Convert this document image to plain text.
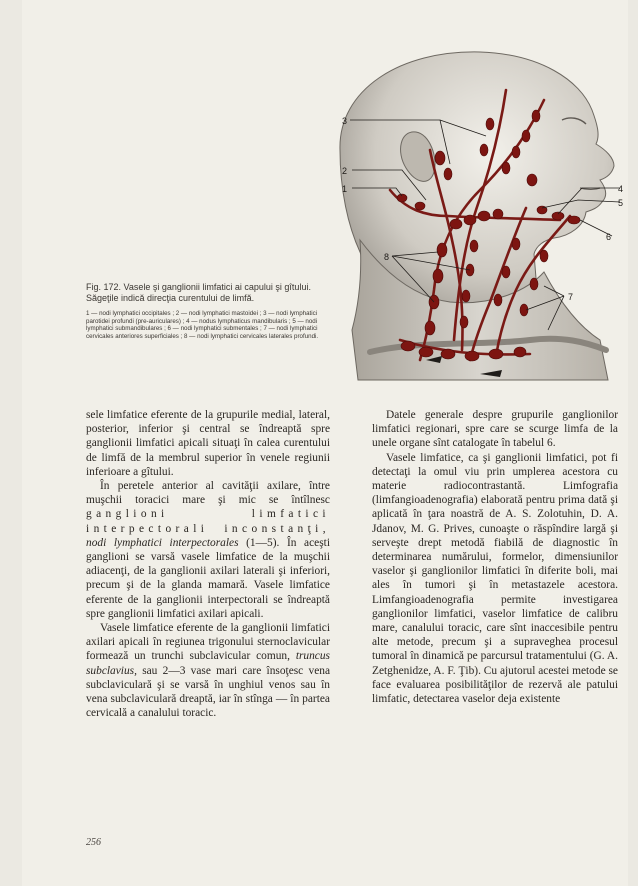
3
2
1	4
5
6
8
7

Fig. 172. Vasele şi ganglionii limfatici ai capului şi gîtului. Săgeţile indică direcţia curentului de limfă.

1 — nodi lymphatici occipitales ; 2 — nodi lymphatici mastoidei ; 3 — nodi lymphatici parotidei profundi (pre-auriculares) ; 4 — nodus lymphaticus mandibularis ; 5 — nodi lymphatici submandibulares ; 6 — nodi lymphatici submentales ; 7 — nodi lymphatici cervicales anteriores superficiales ; 8 — nodi lymphatici cervicales laterales profundi.

sele limfatice eferente de la grupurile medial, lateral, posterior, inferior şi central se îndreaptă spre ganglionii limfatici apicali situaţi în calea curentului de limfă de la membrul superior în venele regiunii inferioare a gîtului.

În peretele anterior al cavităţii axilare, între muşchii toracici mare şi mic se întîlnesc ganglioni limfatici interpectorali inconstanţi, nodi lymphatici interpectorales (1—5). În aceşti ganglioni se varsă vasele limfatice de la muşchii adiacenţi, de la ganglionii axilari laterali şi inferiori, precum şi de la glanda mamară. Vasele limfatice eferente de la ganglionii interpectorali se îndreaptă spre ganglionii limfatici axilari apicali.

Vasele limfatice eferente de la ganglionii limfatici axilari apicali în regiunea trigonului sternoclavicular formează un trunchi subclavicular comun, truncus subclavius, sau 2—3 vase mari care însoţesc vena subclaviculară şi se varsă în unghiul venos sau în vena subclaviculară dreaptă, iar în stînga — în partea cervicală a canalului toracic.

Datele generale despre grupurile ganglionilor limfatici regionari, spre care se scurge limfa de la unele organe sînt catalogate în tabelul 6.

Vasele limfatice, ca şi ganglionii limfatici, pot fi detectaţi la omul viu prin umplerea acestora cu materie radiocontrastantă. Limfografia (limfangioadenografia) elaborată pentru prima dată şi aplicată în ţara noastră de A. S. Zolotuhin, D. A. Jdanov, M. G. Prives, cunoaşte o răspîndire largă şi serveşte drept metodă fiabilă de diagnostic în determinarea numărului, formelor, dimensiunilor vaselor şi ganglionilor limfatici în diferite boli, mai ales în tumori şi în metastazele acestora. Limfangioadenografia permite investigarea ganglionilor limfatici, vaselor limfatice de calibru mare, canalului toracic, care sînt inaccesibile pentru alte metode, precum şi a supraveghea procesul tumoral în dinamică pe parcursul tratamentului (G. A. Zetghenidze, A. F. Ţib). Cu ajutorul acestei metode se face evaluarea posibilităţilor de rezervă ale patului limfatic, detectarea vaselor deja existente

256
